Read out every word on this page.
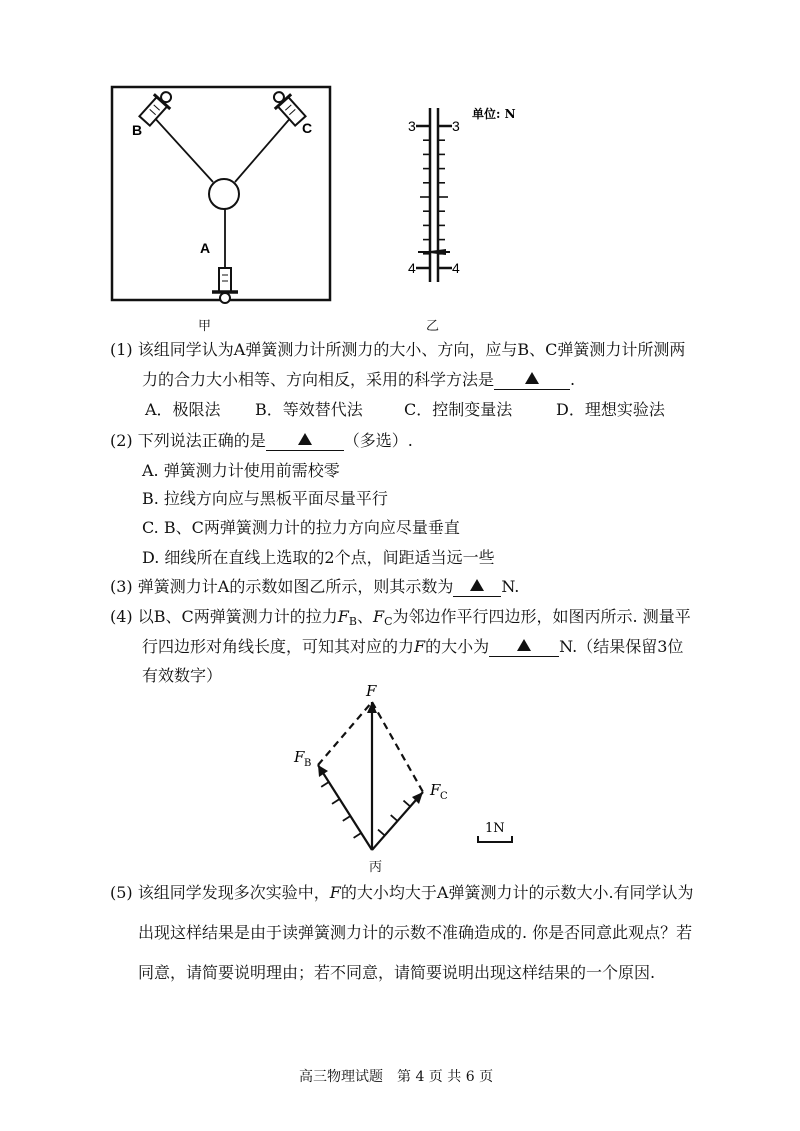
B	C
A
甲
3	3
4	4
单位: N
乙
(1) 该组同学认为A弹簧测力计所测力的大小、方向，应与B、C弹簧测力计所测两
力的合力大小相等、方向相反，采用的科学方法是	.
A．极限法 B．等效替代法	C．控制变量法	D．理想实验法
(2) 下列说法正确的是	（多选）.
A. 弹簧测力计使用前需校零
B. 拉线方向应与黑板平面尽量平行
C. B、C两弹簧测力计的拉力方向应尽量垂直
D. 细线所在直线上选取的2个点，间距适当远一些
(3) 弹簧测力计A的示数如图乙所示，则其示数为	N.
(4) 以B、C两弹簧测力计的拉力$F_B$、$F_C$为邻边作平行四边形，如图丙所示. 测量平
行四边形对角线长度，可知其对应的力F的大小为	N.（结果保留3位
有效数字）
F
F B
F C
1N
丙
(5) 该组同学发现多次实验中，F的大小均大于A弹簧测力计的示数大小.有同学认为
出现这样结果是由于读弹簧测力计的示数不准确造成的. 你是否同意此观点？若
同意，请简要说明理由；若不同意，请简要说明出现这样结果的一个原因.
高三物理试题　第 4 页 共 6 页
